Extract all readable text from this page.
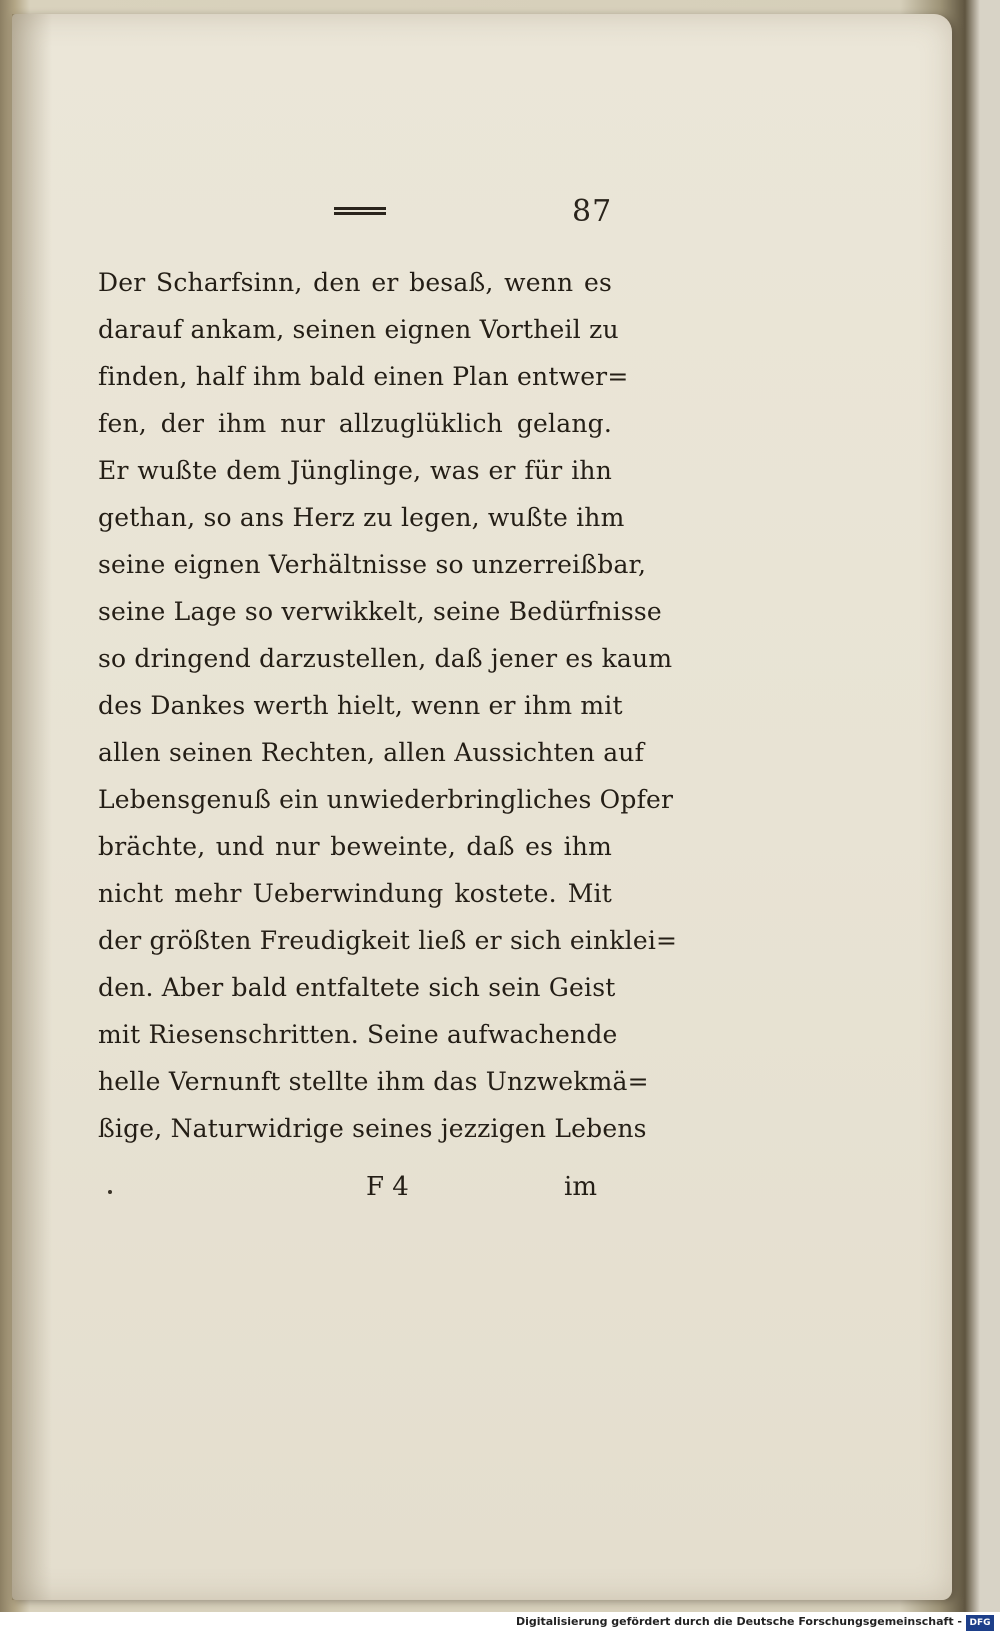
87
Der Scharfsinn, den er besaß, wenn es
darauf ankam, seinen eignen Vortheil zu
finden, half ihm bald einen Plan entwer=
fen, der ihm nur allzuglüklich gelang.
Er wußte dem Jünglinge, was er für ihn
gethan, so ans Herz zu legen, wußte ihm
seine eignen Verhältnisse so unzerreißbar,
seine Lage so verwikkelt, seine Bedürfnisse
so dringend darzustellen, daß jener es kaum
des Dankes werth hielt, wenn er ihm mit
allen seinen Rechten, allen Aussichten auf
Lebensgenuß ein unwiederbringliches Opfer
brächte, und nur beweinte, daß es ihm
nicht mehr Ueberwindung kostete. Mit
der größten Freudigkeit ließ er sich einklei=
den. Aber bald entfaltete sich sein Geist
mit Riesenschritten. Seine aufwachende
helle Vernunft stellte ihm das Unzwekmä=
ßige, Naturwidrige seines jezzigen Lebens
F 4	im
Digitalisierung gefördert durch die Deutsche Forschungsgemeinschaft - DFG
